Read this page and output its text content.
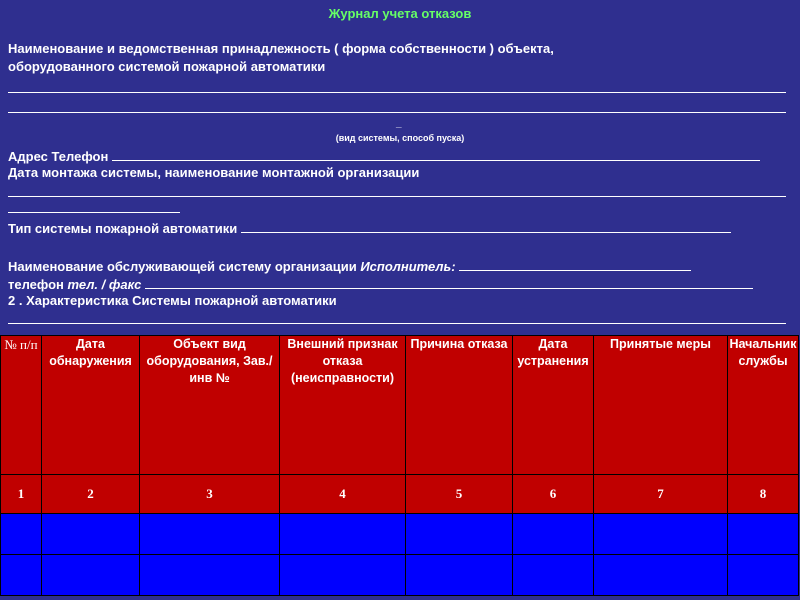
Журнал учета отказов
Наименование и ведомственная принадлежность ( форма собственности ) объекта,
оборудованного системой пожарной автоматики
_
(вид системы, способ пуска)
Адрес Телефон
Дата монтажа системы, наименование монтажной организации
Тип системы пожарной автоматики
Наименование обслуживающей систему организации Исполнитель:
телефон тел. / факс
2 . Характеристика Системы пожарной автоматики
№ п/п	Дата обнаружения	Объект вид оборудования, Зав./инв №	Внешний признак отказа (неисправности)	Причина отказа	Дата устранения	Принятые меры	Начальник службы
1	2	3	4	5	6	7	8
